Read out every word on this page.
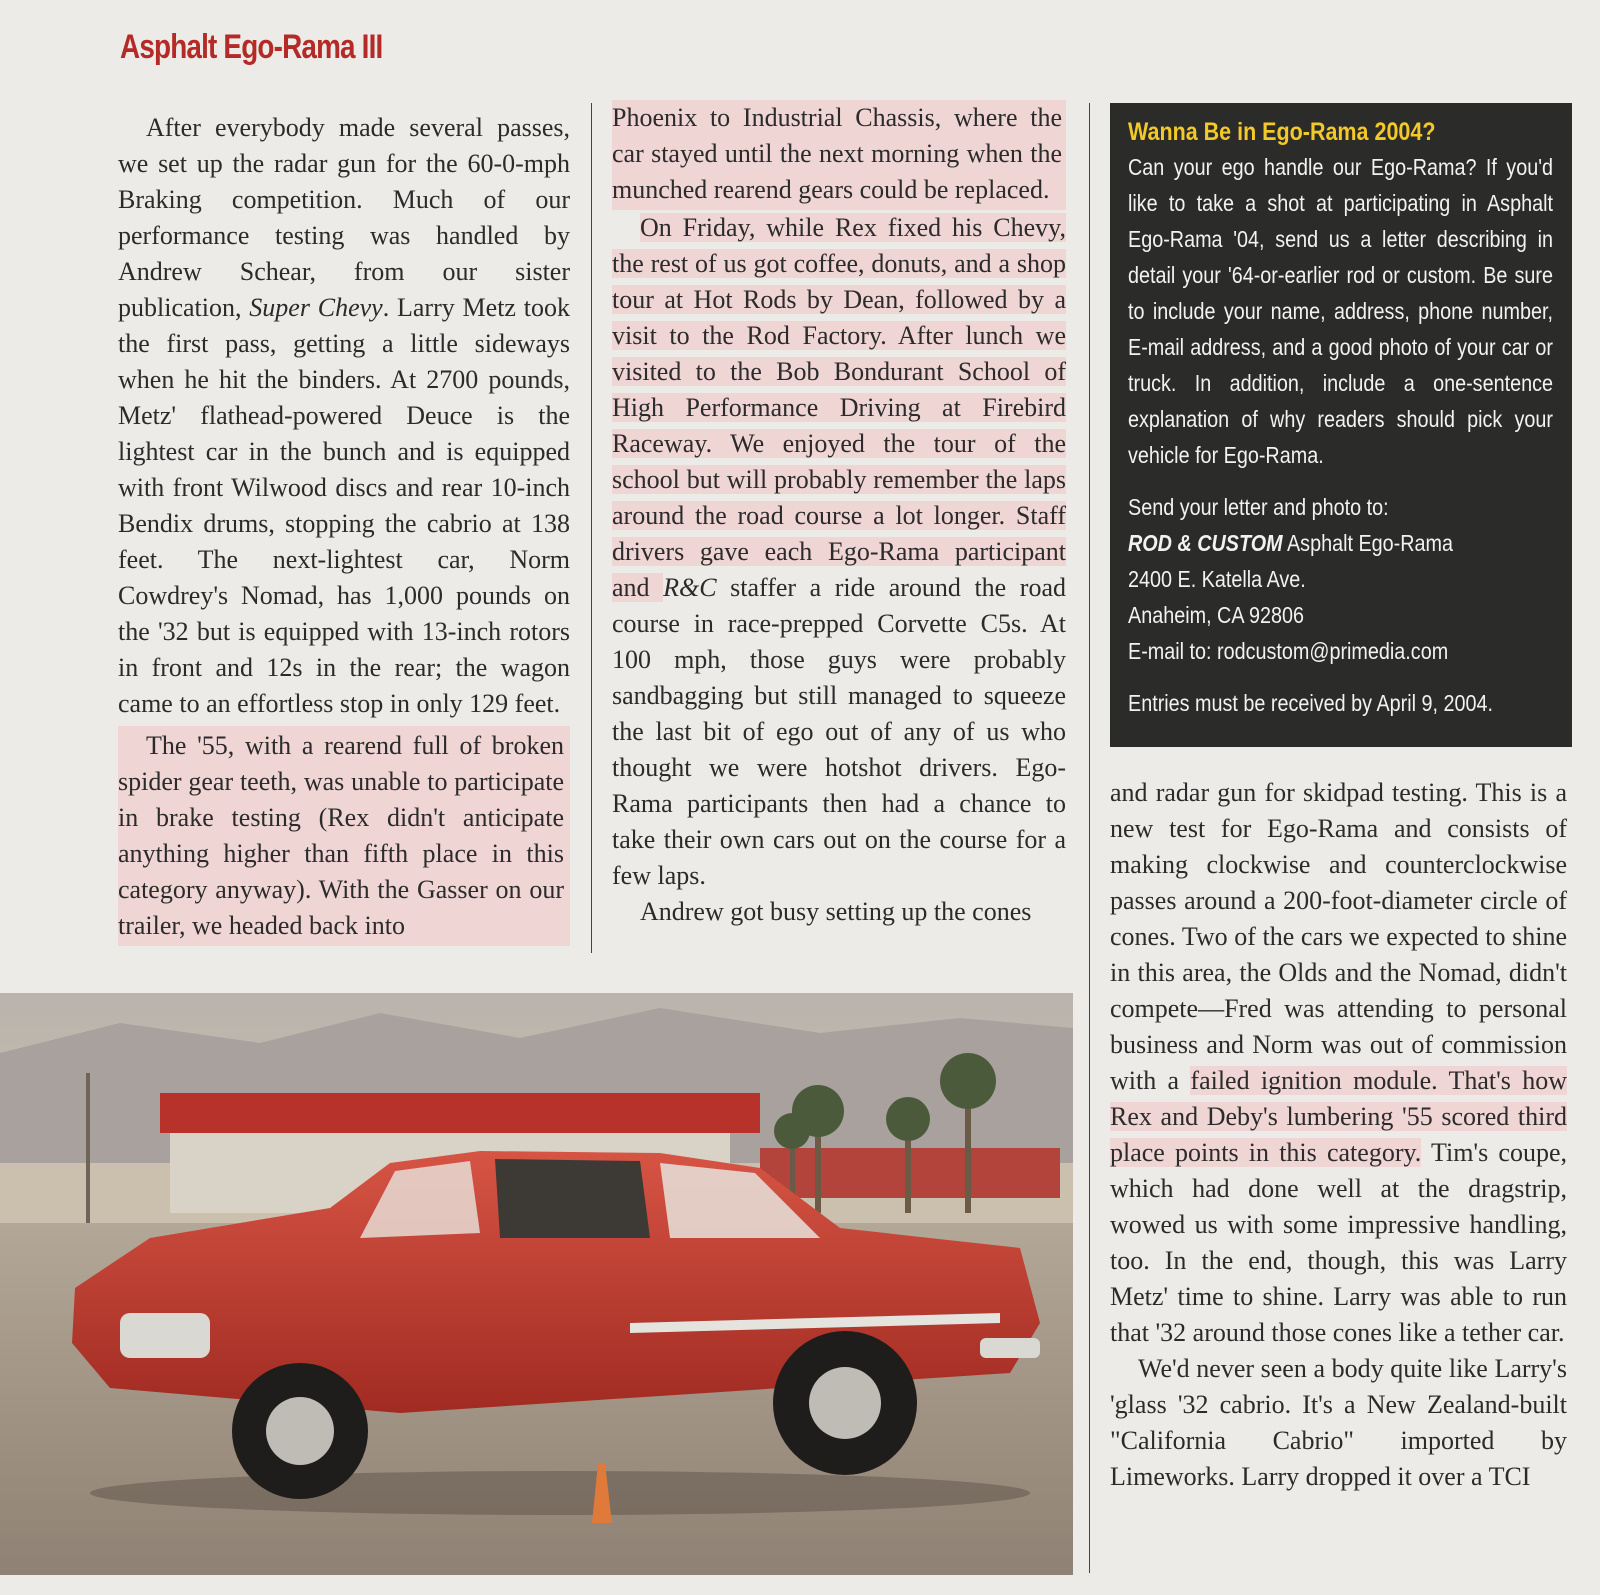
Asphalt Ego-Rama III

After everybody made several passes, we set up the radar gun for the 60-0-mph Braking competition. Much of our performance testing was handled by Andrew Schear, from our sister publication, Super Chevy. Larry Metz took the first pass, getting a little sideways when he hit the binders. At 2700 pounds, Metz' flathead-powered Deuce is the lightest car in the bunch and is equipped with front Wilwood discs and rear 10-inch Bendix drums, stopping the cabrio at 138 feet. The next-lightest car, Norm Cowdrey's Nomad, has 1,000 pounds on the '32 but is equipped with 13-inch rotors in front and 12s in the rear; the wagon came to an effortless stop in only 129 feet.

The '55, with a rearend full of broken spider gear teeth, was unable to participate in brake testing (Rex didn't anticipate anything higher than fifth place in this category anyway). With the Gasser on our trailer, we headed back into

Phoenix to Industrial Chassis, where the car stayed until the next morning when the munched rearend gears could be replaced.

On Friday, while Rex fixed his Chevy, the rest of us got coffee, donuts, and a shop tour at Hot Rods by Dean, followed by a visit to the Rod Factory. After lunch we visited to the Bob Bondurant School of High Performance Driving at Firebird Raceway. We enjoyed the tour of the school but will probably remember the laps around the road course a lot longer. Staff drivers gave each Ego-Rama participant and R&C staffer a ride around the road course in race-prepped Corvette C5s. At 100 mph, those guys were probably sandbagging but still managed to squeeze the last bit of ego out of any of us who thought we were hotshot drivers. Ego-Rama participants then had a chance to take their own cars out on the course for a few laps.

Andrew got busy setting up the cones

Wanna Be in Ego-Rama 2004?
Can your ego handle our Ego-Rama? If you'd like to take a shot at participating in Asphalt Ego-Rama '04, send us a letter describing in detail your '64-or-earlier rod or custom. Be sure to include your name, address, phone number, E-mail address, and a good photo of your car or truck. In addition, include a one-sentence explanation of why readers should pick your vehicle for Ego-Rama.
Send your letter and photo to:
ROD & CUSTOM Asphalt Ego-Rama
2400 E. Katella Ave.
Anaheim, CA 92806
E-mail to: rodcustom@primedia.com
Entries must be received by April 9, 2004.

and radar gun for skidpad testing. This is a new test for Ego-Rama and consists of making clockwise and counterclockwise passes around a 200-foot-diameter circle of cones. Two of the cars we expected to shine in this area, the Olds and the Nomad, didn't compete—Fred was attending to personal business and Norm was out of commission with a failed ignition module. That's how Rex and Deby's lumbering '55 scored third place points in this category. Tim's coupe, which had done well at the dragstrip, wowed us with some impressive handling, too. In the end, though, this was Larry Metz' time to shine. Larry was able to run that '32 around those cones like a tether car.

We'd never seen a body quite like Larry's 'glass '32 cabrio. It's a New Zealand-built "California Cabrio" imported by Limeworks. Larry dropped it over a TCI
